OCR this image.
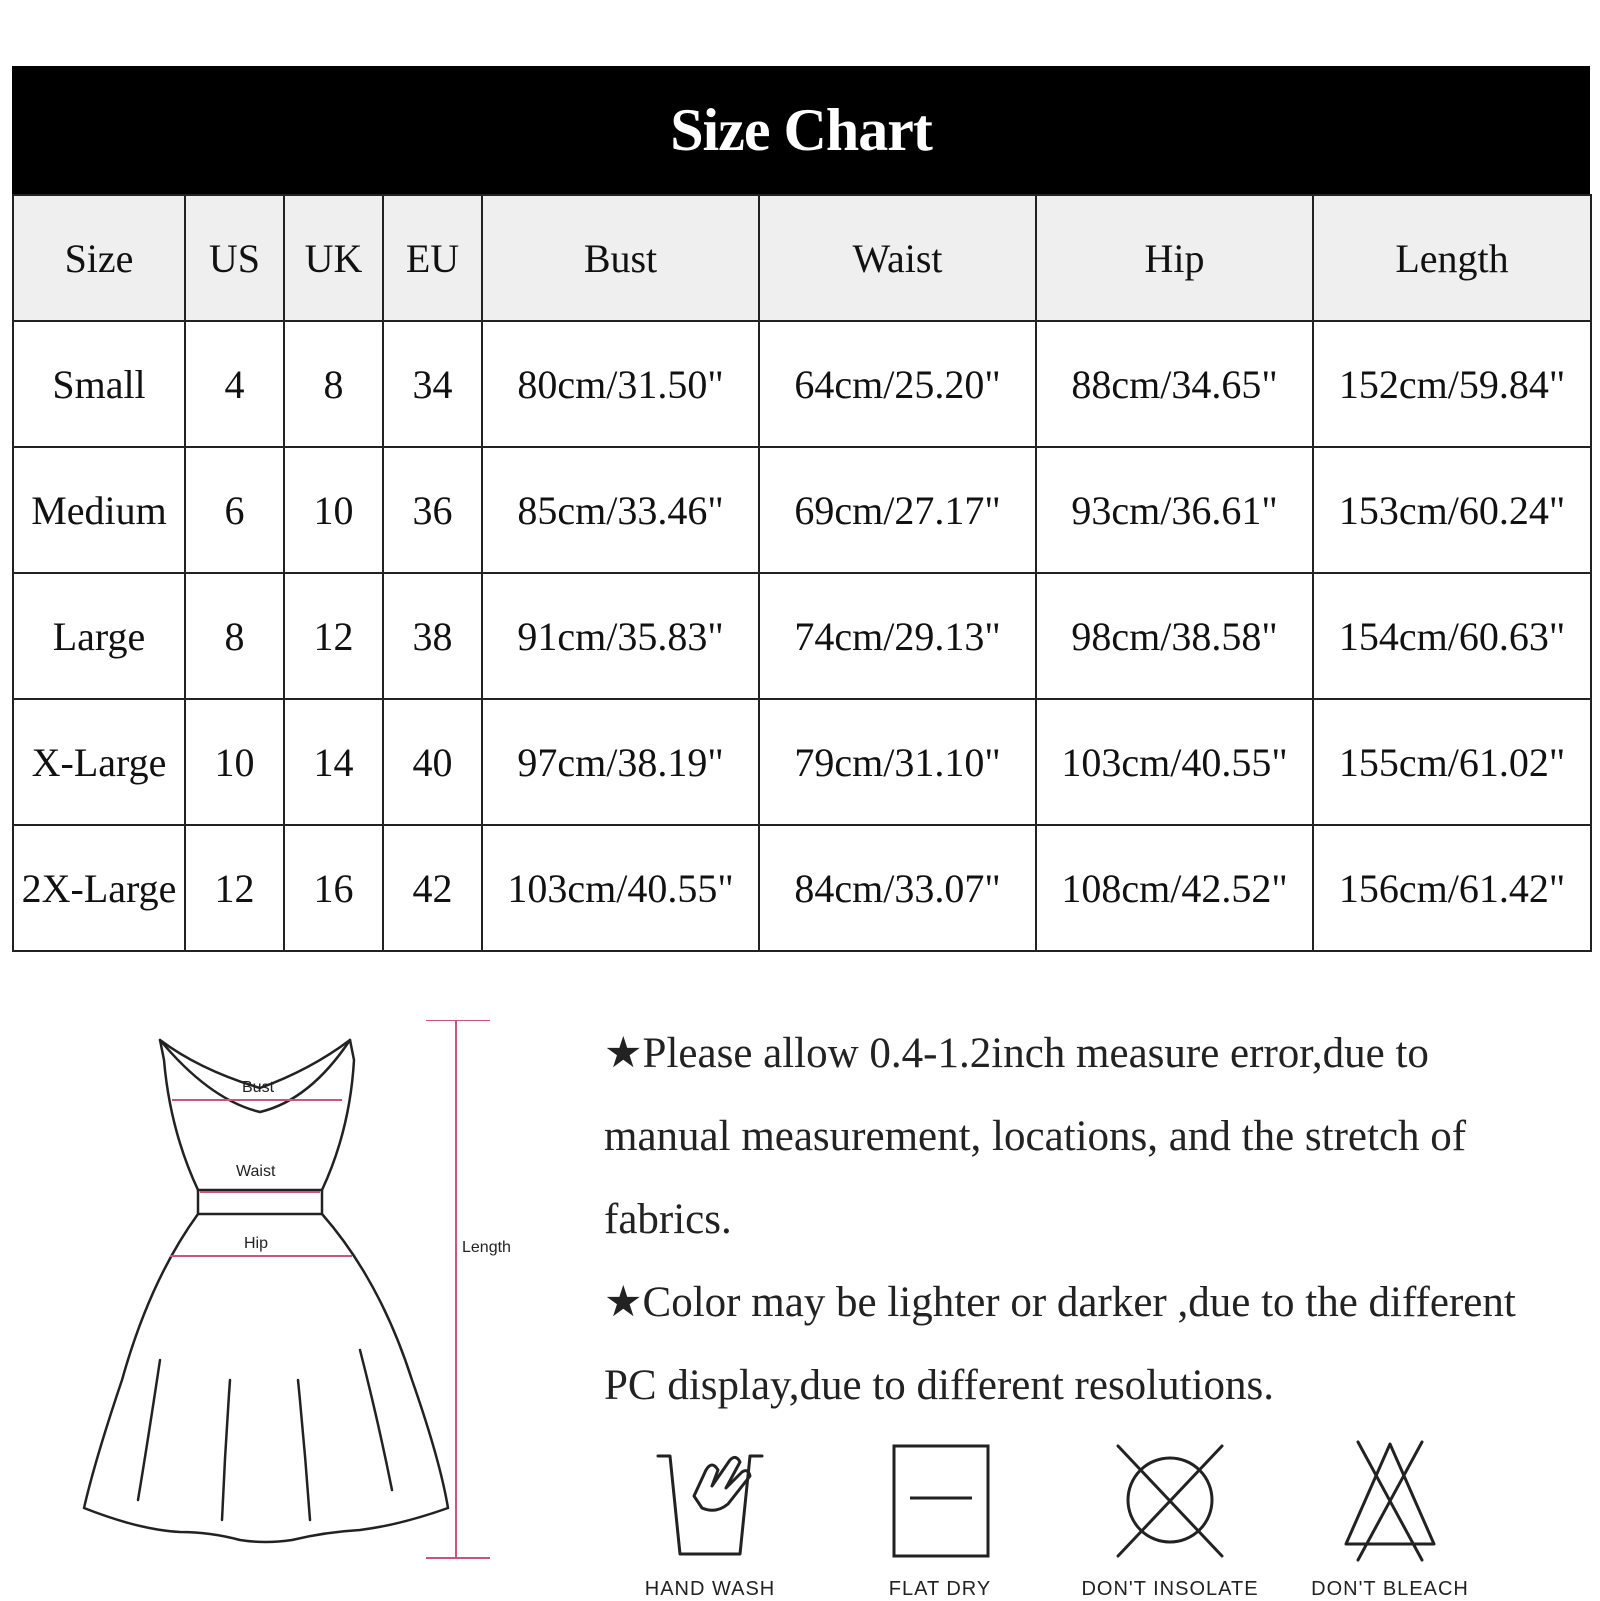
Size Chart
Size	US	UK	EU	Bust	Waist	Hip	Length
Small	4	8	34	80cm/31.50"	64cm/25.20"	88cm/34.65"	152cm/59.84"
Medium	6	10	36	85cm/33.46"	69cm/27.17"	93cm/36.61"	153cm/60.24"
Large	8	12	38	91cm/35.83"	74cm/29.13"	98cm/38.58"	154cm/60.63"
X-Large	10	14	40	97cm/38.19"	79cm/31.10"	103cm/40.55"	155cm/61.02"
2X-Large	12	16	42	103cm/40.55"	84cm/33.07"	108cm/42.52"	156cm/61.42"
Bust
Waist
Hip	Length

★Please allow 0.4-1.2inch measure error,due to manual measurement, locations, and the stretch of fabrics.

★Color may be lighter or darker ,due to the different PC display,due to different resolutions.

HAND WASH	FLAT DRY	DON'T INSOLATE	DON'T BLEACH
